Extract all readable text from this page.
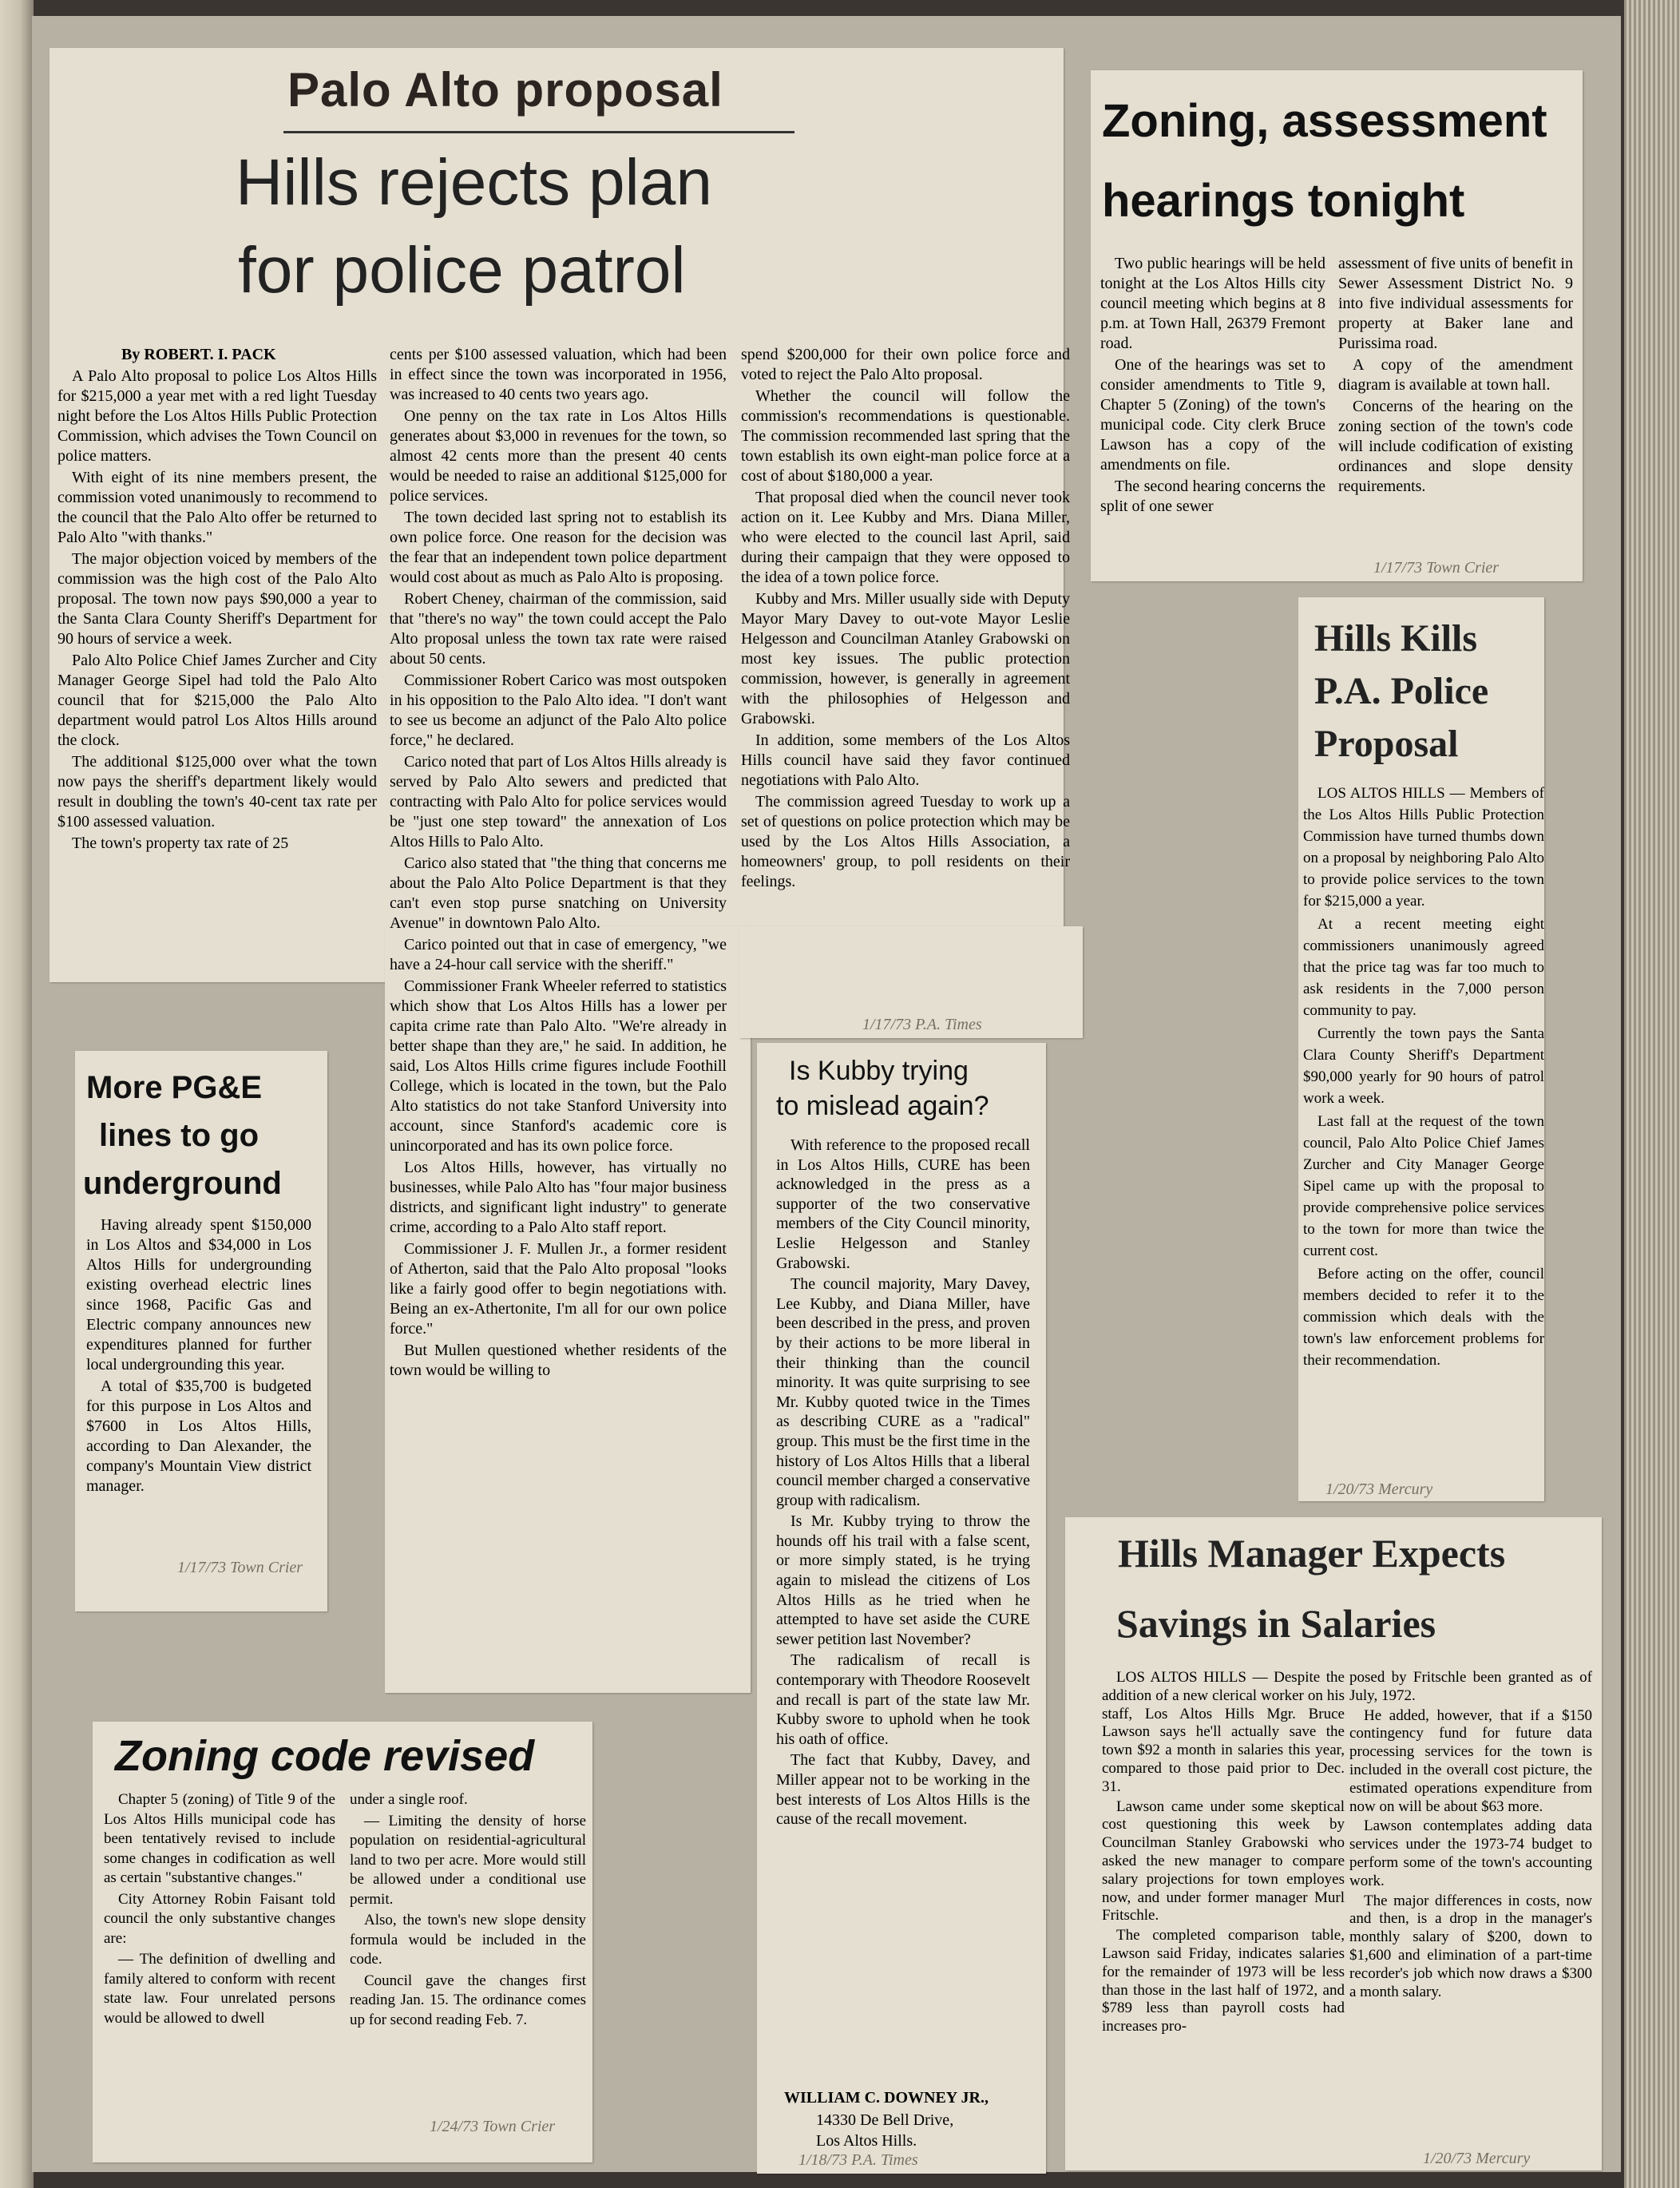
Palo Alto proposal
Hills rejects plan
for police patrol

By ROBERT. I. PACK

A Palo Alto proposal to police Los Altos Hills for $215,000 a year met with a red light Tuesday night before the Los Altos Hills Public Protection Commission, which advises the Town Council on police matters.

With eight of its nine members present, the commission voted unanimously to recommend to the council that the Palo Alto offer be returned to Palo Alto "with thanks."

The major objection voiced by members of the commission was the high cost of the Palo Alto proposal. The town now pays $90,000 a year to the Santa Clara County Sheriff's Department for 90 hours of service a week.

Palo Alto Police Chief James Zurcher and City Manager George Sipel had told the Palo Alto council that for $215,000 the Palo Alto department would patrol Los Altos Hills around the clock.

The additional $125,000 over what the town now pays the sheriff's department likely would result in doubling the town's 40-cent tax rate per $100 assessed valuation.

The town's property tax rate of 25

cents per $100 assessed valuation, which had been in effect since the town was incorporated in 1956, was increased to 40 cents two years ago.

One penny on the tax rate in Los Altos Hills generates about $3,000 in revenues for the town, so almost 42 cents more than the present 40 cents would be needed to raise an additional $125,000 for police services.

The town decided last spring not to establish its own police force. One reason for the decision was the fear that an independent town police department would cost about as much as Palo Alto is proposing.

Robert Cheney, chairman of the commission, said that "there's no way" the town could accept the Palo Alto proposal unless the town tax rate were raised about 50 cents.

Commissioner Robert Carico was most outspoken in his opposition to the Palo Alto idea. "I don't want to see us become an adjunct of the Palo Alto police force," he declared.

Carico noted that part of Los Altos Hills already is served by Palo Alto sewers and predicted that contracting with Palo Alto for police services would be "just one step toward" the annexation of Los Altos Hills to Palo Alto.

Carico also stated that "the thing that concerns me about the Palo Alto Police Department is that they can't even stop purse snatching on University Avenue" in downtown Palo Alto.

Carico pointed out that in case of emergency, "we have a 24-hour call service with the sheriff."

Commissioner Frank Wheeler referred to statistics which show that Los Altos Hills has a lower per capita crime rate than Palo Alto. "We're already in better shape than they are," he said. In addition, he said, Los Altos Hills crime figures include Foothill College, which is located in the town, but the Palo Alto statistics do not take Stanford University into account, since Stanford's academic core is unincorporated and has its own police force.

Los Altos Hills, however, has virtually no businesses, while Palo Alto has "four major business districts, and significant light industry" to generate crime, according to a Palo Alto staff report.

Commissioner J. F. Mullen Jr., a former resident of Atherton, said that the Palo Alto proposal "looks like a fairly good offer to begin negotiations with. Being an ex-Athertonite, I'm all for our own police force."

But Mullen questioned whether residents of the town would be willing to

spend $200,000 for their own police force and voted to reject the Palo Alto proposal.

Whether the council will follow the commission's recommendations is questionable. The commission recommended last spring that the town establish its own eight-man police force at a cost of about $180,000 a year.

That proposal died when the council never took action on it. Lee Kubby and Mrs. Diana Miller, who were elected to the council last April, said during their campaign that they were opposed to the idea of a town police force.

Kubby and Mrs. Miller usually side with Deputy Mayor Mary Davey to out-vote Mayor Leslie Helgesson and Councilman Atanley Grabowski on most key issues. The public protection commission, however, is generally in agreement with the philosophies of Helgesson and Grabowski.

In addition, some members of the Los Altos Hills council have said they favor continued negotiations with Palo Alto.

The commission agreed Tuesday to work up a set of questions on police protection which may be used by the Los Altos Hills Association, a homeowners' group, to poll residents on their feelings.

1/17/73 P.A. Times
Zoning, assessment
hearings tonight

Two public hearings will be held tonight at the Los Altos Hills city council meeting which begins at 8 p.m. at Town Hall, 26379 Fremont road.

One of the hearings was set to consider amendments to Title 9, Chapter 5 (Zoning) of the town's municipal code. City clerk Bruce Lawson has a copy of the amendments on file.

The second hearing concerns the split of one sewer

assessment of five units of benefit in Sewer Assessment District No. 9 into five individual assessments for property at Baker lane and Purissima road.

A copy of the amendment diagram is available at town hall.

Concerns of the hearing on the zoning section of the town's code will include codification of existing ordinances and slope density requirements.

1/17/73 Town Crier
Hills Kills
P.A. Police
Proposal

LOS ALTOS HILLS — Members of the Los Altos Hills Public Protection Commission have turned thumbs down on a proposal by neighboring Palo Alto to provide police services to the town for $215,000 a year.

At a recent meeting eight commissioners unanimously agreed that the price tag was far too much to ask residents in the 7,000 person community to pay.

Currently the town pays the Santa Clara County Sheriff's Department $90,000 yearly for 90 hours of patrol work a week.

Last fall at the request of the town council, Palo Alto Police Chief James Zurcher and City Manager George Sipel came up with the proposal to provide comprehensive police services to the town for more than twice the current cost.

Before acting on the offer, council members decided to refer it to the commission which deals with the town's law enforcement problems for their recommendation.

1/20/73 Mercury
More PG&E
lines to go
underground

Having already spent $150,000 in Los Altos and $34,000 in Los Altos Hills for undergrounding existing overhead electric lines since 1968, Pacific Gas and Electric company announces new expenditures planned for further local undergrounding this year.

A total of $35,700 is budgeted for this purpose in Los Altos and $7600 in Los Altos Hills, according to Dan Alexander, the company's Mountain View district manager.

1/17/73 Town Crier
Is Kubby trying
to mislead again?

With reference to the proposed recall in Los Altos Hills, CURE has been acknowledged in the press as a supporter of the two conservative members of the City Council minority, Leslie Helgesson and Stanley Grabowski.

The council majority, Mary Davey, Lee Kubby, and Diana Miller, have been described in the press, and proven by their actions to be more liberal in their thinking than the council minority. It was quite surprising to see Mr. Kubby quoted twice in the Times as describing CURE as a "radical" group. This must be the first time in the history of Los Altos Hills that a liberal council member charged a conservative group with radicalism.

Is Mr. Kubby trying to throw the hounds off his trail with a false scent, or more simply stated, is he trying again to mislead the citizens of Los Altos Hills as he tried when he attempted to have set aside the CURE sewer petition last November?

The radicalism of recall is contemporary with Theodore Roosevelt and recall is part of the state law Mr. Kubby swore to uphold when he took his oath of office.

The fact that Kubby, Davey, and Miller appear not to be working in the best interests of Los Altos Hills is the cause of the recall movement.

WILLIAM C. DOWNEY JR.,
14330 De Bell Drive,
Los Altos Hills.
1/18/73 P.A. Times
Zoning code revised

Chapter 5 (zoning) of Title 9 of the Los Altos Hills municipal code has been tentatively revised to include some changes in codification as well as certain "substantive changes."

City Attorney Robin Faisant told council the only substantive changes are:

— The definition of dwelling and family altered to conform with recent state law. Four unrelated persons would be allowed to dwell

under a single roof.

— Limiting the density of horse population on residential-agricultural land to two per acre. More would still be allowed under a conditional use permit.

Also, the town's new slope density formula would be included in the code.

Council gave the changes first reading Jan. 15. The ordinance comes up for second reading Feb. 7.

1/24/73 Town Crier
Hills Manager Expects
Savings in Salaries

LOS ALTOS HILLS — Despite the addition of a new clerical worker on his staff, Los Altos Hills Mgr. Bruce Lawson says he'll actually save the town $92 a month in salaries this year, compared to those paid prior to Dec. 31.

Lawson came under some skeptical cost questioning this week by Councilman Stanley Grabowski who asked the new manager to compare salary projections for town employes now, and under former manager Murl Fritschle.

The completed comparison table, Lawson said Friday, indicates salaries for the remainder of 1973 will be less than those in the last half of 1972, and $789 less than payroll costs had increases pro-

posed by Fritschle been granted as of July, 1972.

He added, however, that if a $150 contingency fund for future data processing services for the town is included in the overall cost picture, the estimated operations expenditure from now on will be about $63 more.

Lawson contemplates adding data services under the 1973-74 budget to perform some of the town's accounting work.

The major differences in costs, now and then, is a drop in the manager's monthly salary of $200, down to $1,600 and elimination of a part-time recorder's job which now draws a $300 a month salary.

1/20/73 Mercury
